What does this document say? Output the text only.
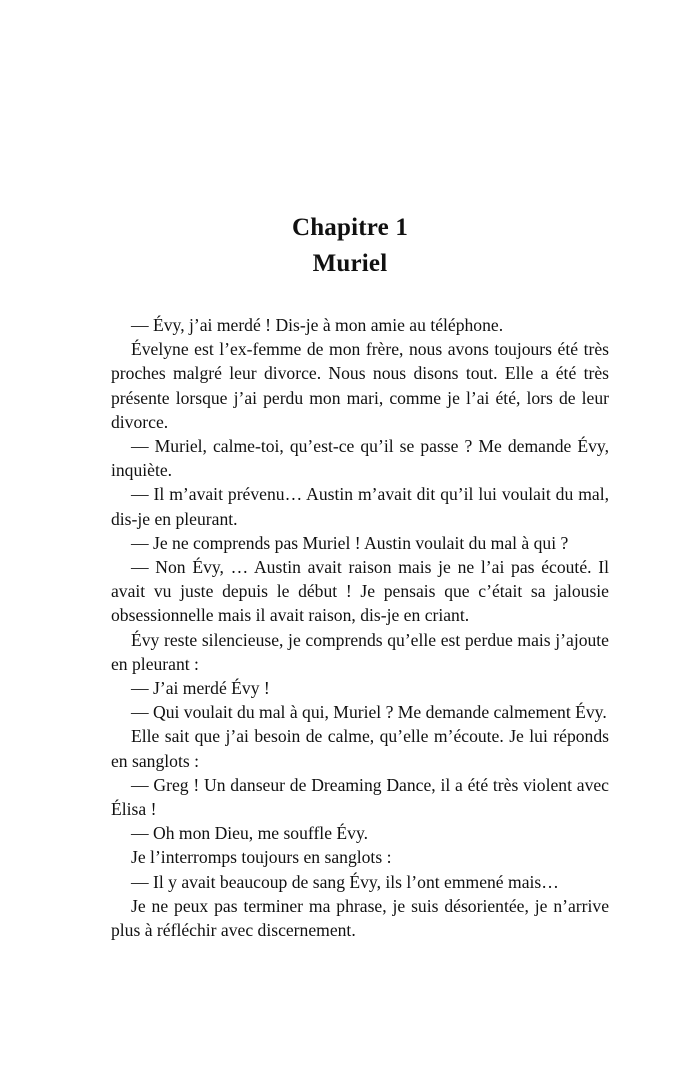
Chapitre 1
Muriel

— Évy, j’ai merdé ! Dis-je à mon amie au téléphone.

Évelyne est l’ex-femme de mon frère, nous avons toujours été très proches malgré leur divorce. Nous nous disons tout. Elle a été très présente lorsque j’ai perdu mon mari, comme je l’ai été, lors de leur divorce.

— Muriel, calme-toi, qu’est-ce qu’il se passe ? Me demande Évy, inquiète.

— Il m’avait prévenu… Austin m’avait dit qu’il lui voulait du mal, dis-je en pleurant.

— Je ne comprends pas Muriel ! Austin voulait du mal à qui ?

— Non Évy, … Austin avait raison mais je ne l’ai pas écouté. Il avait vu juste depuis le début ! Je pensais que c’était sa jalousie obsessionnelle mais il avait raison, dis-je en criant.

Évy reste silencieuse, je comprends qu’elle est perdue mais j’ajoute en pleurant :

— J’ai merdé Évy !

— Qui voulait du mal à qui, Muriel ? Me demande calmement Évy.

Elle sait que j’ai besoin de calme, qu’elle m’écoute. Je lui réponds en sanglots :

— Greg ! Un danseur de Dreaming Dance, il a été très violent avec Élisa !

— Oh mon Dieu, me souffle Évy.

Je l’interromps toujours en sanglots :

— Il y avait beaucoup de sang Évy, ils l’ont emmené mais…

Je ne peux pas terminer ma phrase, je suis désorientée, je n’arrive plus à réfléchir avec discernement.
